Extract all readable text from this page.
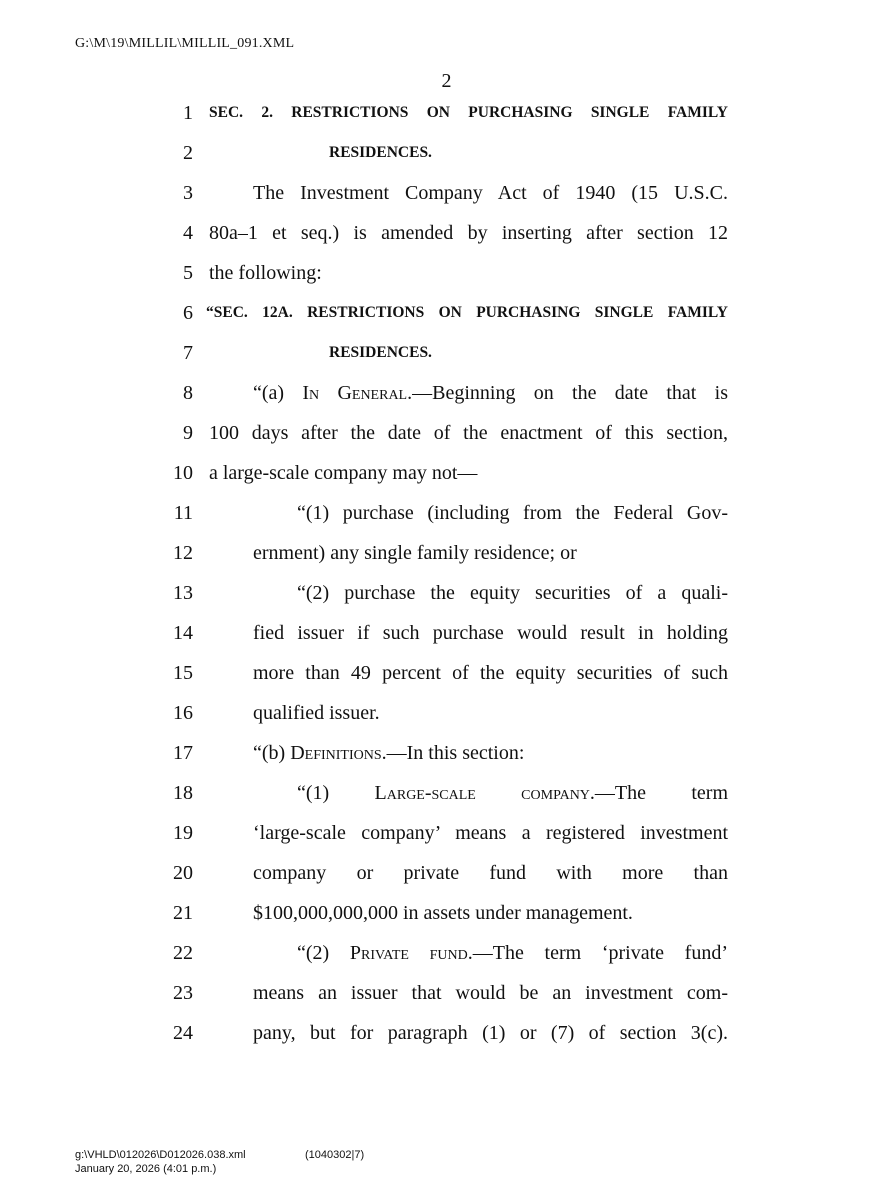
G:\M\19\MILLIL\MILLIL_091.XML
2
1 SEC. 2. RESTRICTIONS ON PURCHASING SINGLE FAMILY
2	RESIDENCES.
3	The Investment Company Act of 1940 (15 U.S.C.
4 80a–1 et seq.) is amended by inserting after section 12
5 the following:
6 “SEC. 12A. RESTRICTIONS ON PURCHASING SINGLE FAMILY
7	RESIDENCES.
8	“(a) In General.—Beginning on the date that is
9 100 days after the date of the enactment of this section,
10 a large-scale company may not—
11	“(1) purchase (including from the Federal Gov-
12	ernment) any single family residence; or
13	“(2) purchase the equity securities of a quali-
14	fied issuer if such purchase would result in holding
15	more than 49 percent of the equity securities of such
16	qualified issuer.
17	“(b) Definitions.—In this section:
18	“(1) Large-scale company.—The term
19	‘large-scale company’ means a registered investment
20	company or private fund with more than
21	$100,000,000,000 in assets under management.
22	“(2) Private fund.—The term ‘private fund’
23	means an issuer that would be an investment com-
24	pany, but for paragraph (1) or (7) of section 3(c).
g:\VHLD\012026\D012026.038.xml	(1040302|7)
January 20, 2026 (4:01 p.m.)
